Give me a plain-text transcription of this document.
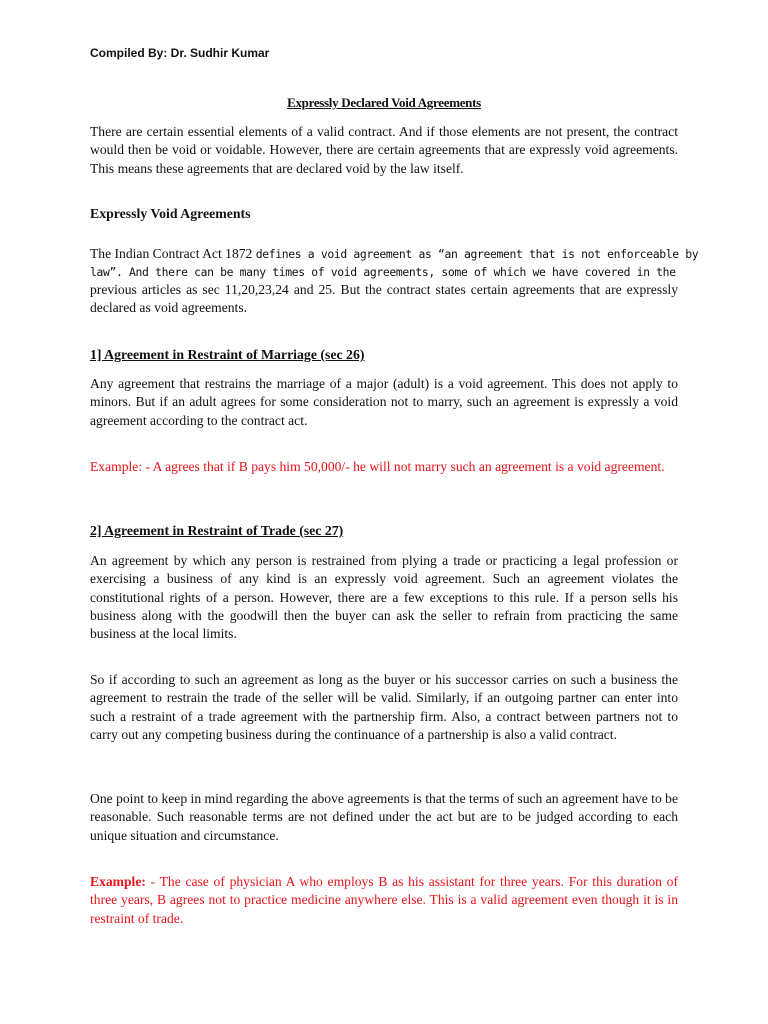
Compiled By: Dr. Sudhir Kumar
Expressly Declared Void Agreements

There are certain essential elements of a valid contract. And if those elements are not present, the contract would then be void or voidable. However, there are certain agreements that are expressly void agreements. This means these agreements that are declared void by the law itself.

Expressly Void Agreements

The Indian Contract Act 1872 defines a void agreement as “an agreement that is not enforceable by

law”. And there can be many times of void agreements, some of which we have covered in the

previous articles as sec 11,20,23,24 and 25. But the contract states certain agreements that are expressly declared as void agreements.

1] Agreement in Restraint of Marriage (sec 26)

Any agreement that restrains the marriage of a major (adult) is a void agreement. This does not apply to minors. But if an adult agrees for some consideration not to marry, such an agreement is expressly a void agreement according to the contract act.

Example: - A agrees that if B pays him 50,000/- he will not marry such an agreement is a void agreement.

2] Agreement in Restraint of Trade (sec 27)

An agreement by which any person is restrained from plying a trade or practicing a legal profession or exercising a business of any kind is an expressly void agreement. Such an agreement violates the constitutional rights of a person. However, there are a few exceptions to this rule. If a person sells his business along with the goodwill then the buyer can ask the seller to refrain from practicing the same business at the local limits.

So if according to such an agreement as long as the buyer or his successor carries on such a business the agreement to restrain the trade of the seller will be valid. Similarly, if an outgoing partner can enter into such a restraint of a trade agreement with the partnership firm. Also, a contract between partners not to carry out any competing business during the continuance of a partnership is also a valid contract.

One point to keep in mind regarding the above agreements is that the terms of such an agreement have to be reasonable. Such reasonable terms are not defined under the act but are to be judged according to each unique situation and circumstance.

Example: - The case of physician A who employs B as his assistant for three years. For this duration of three years, B agrees not to practice medicine anywhere else. This is a valid agreement even though it is in restraint of trade.
